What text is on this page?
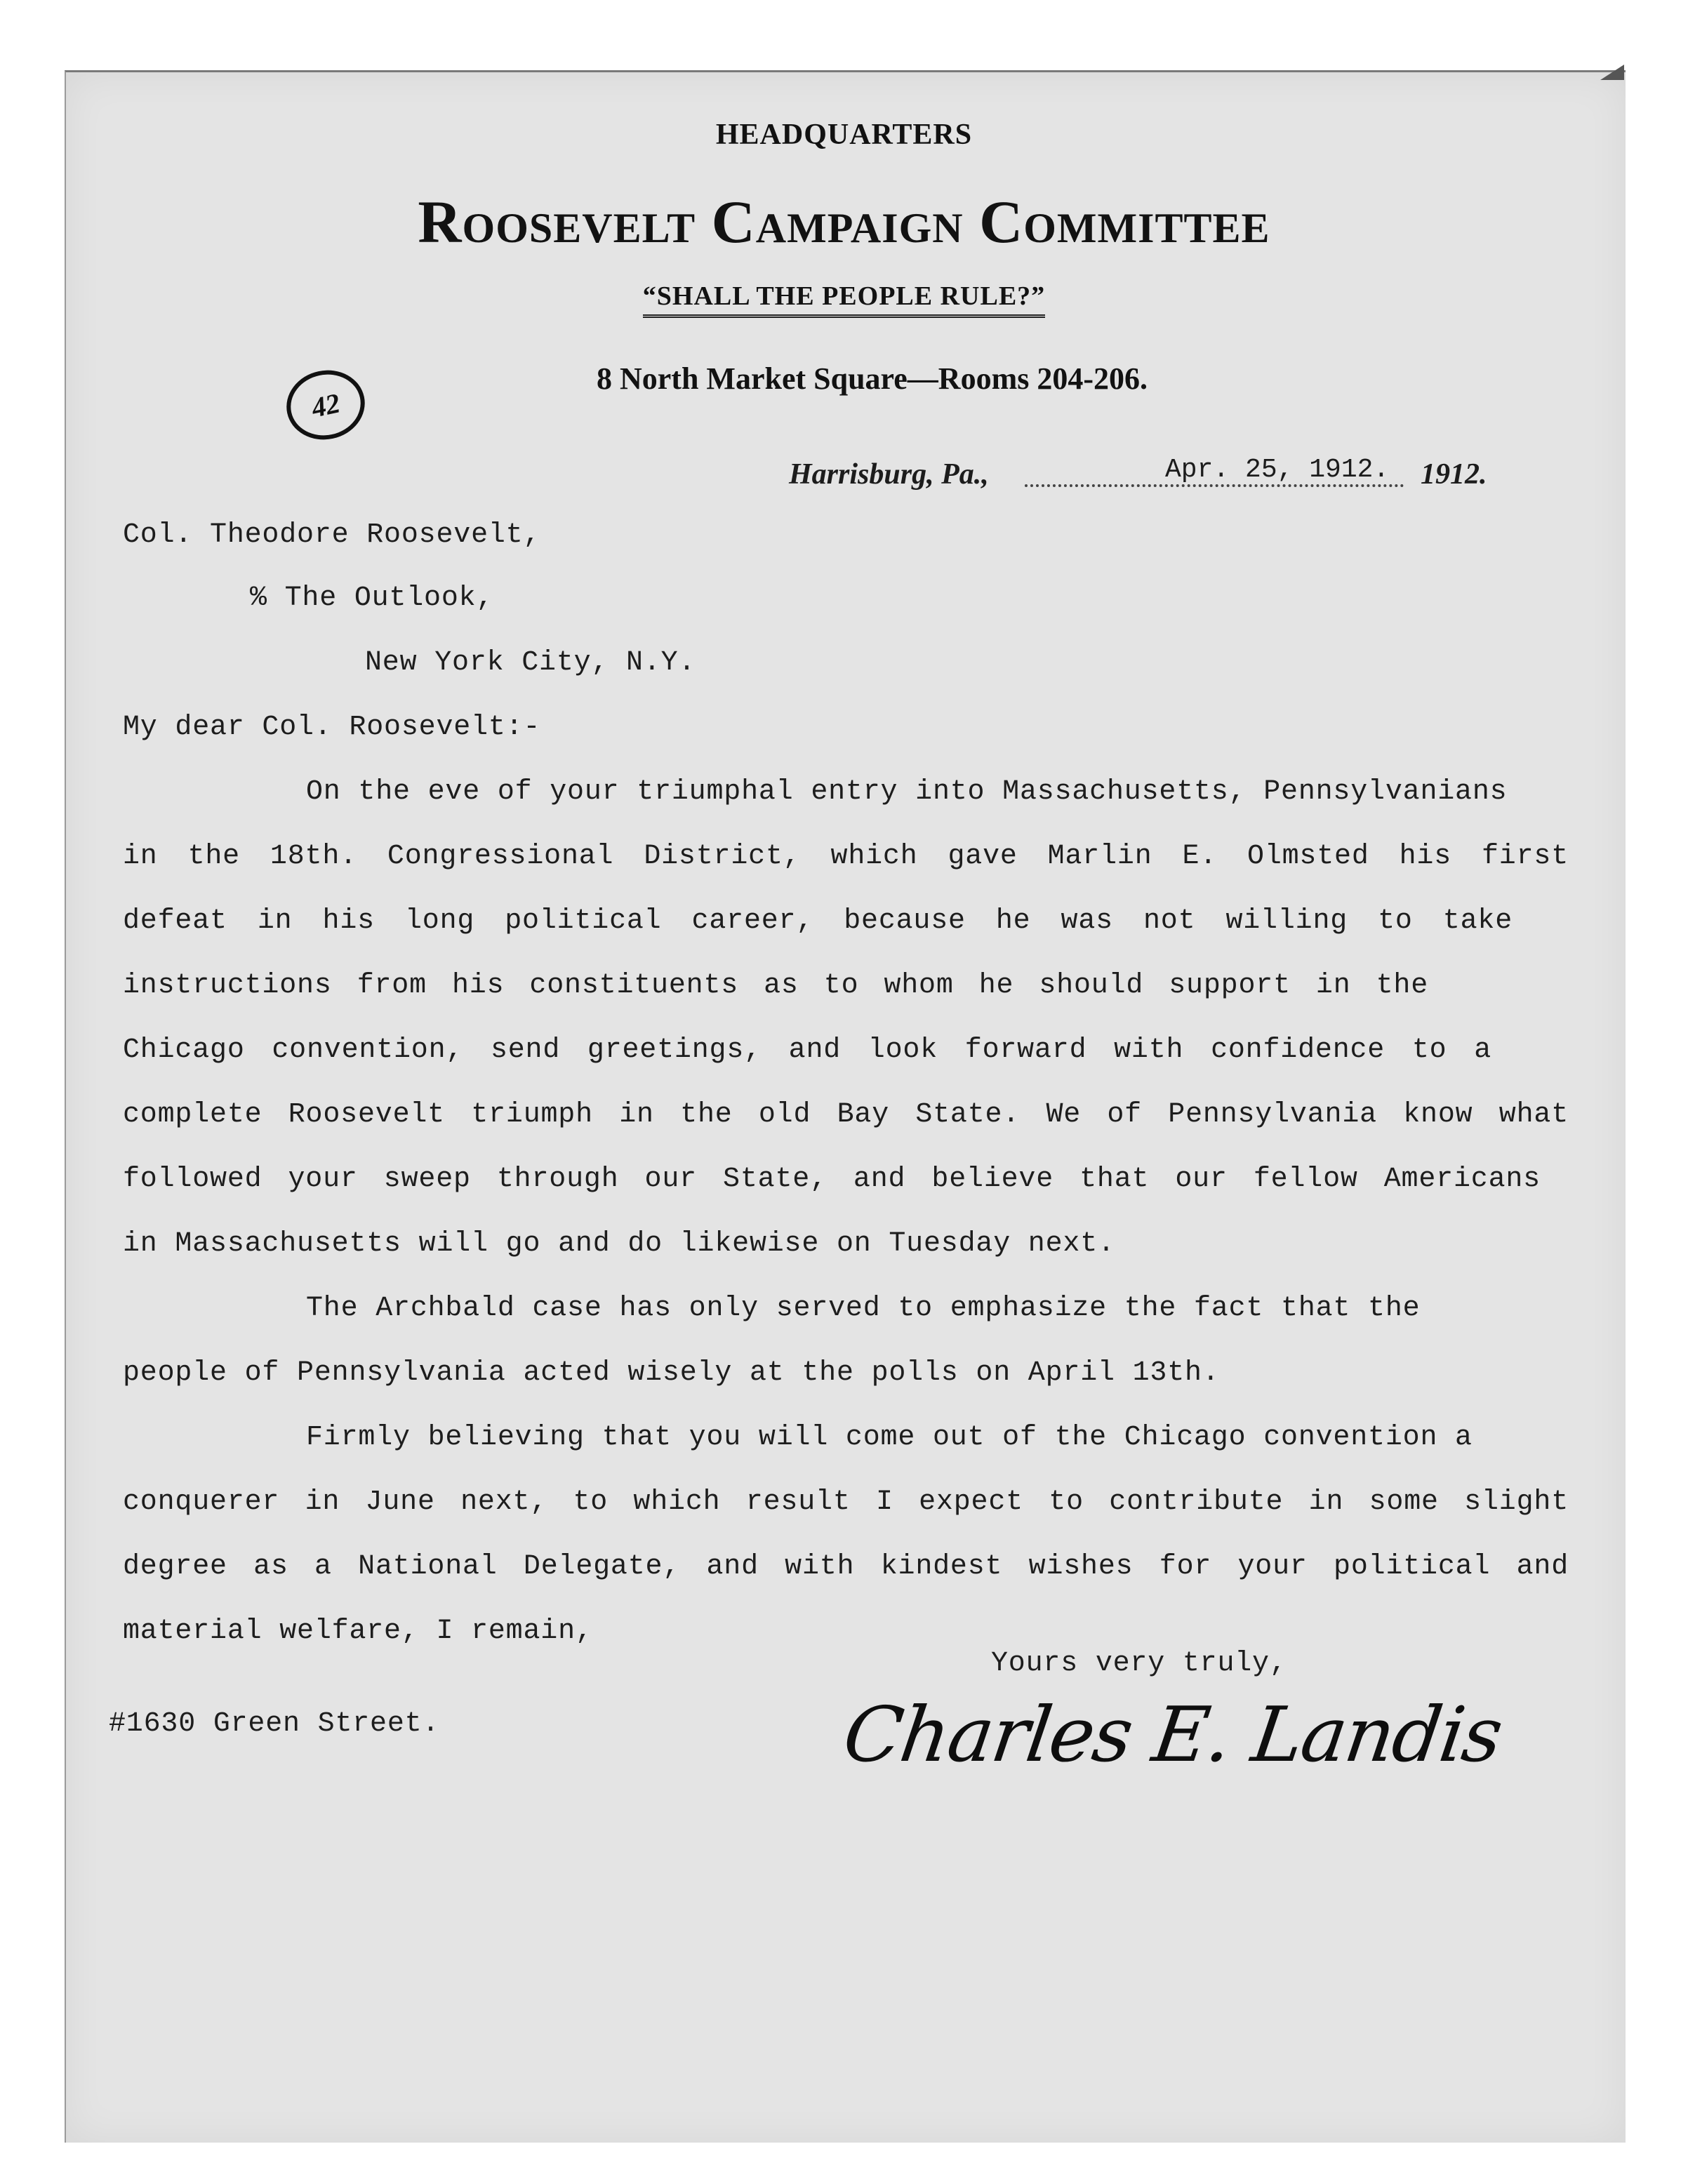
HEADQUARTERS
Roosevelt Campaign Committee
“SHALL THE PEOPLE RULE?”
8 North Market Square—Rooms 204-206.
42
Harrisburg, Pa.,	Apr. 25, 1912. 1912.
Col. Theodore Roosevelt,
% The Outlook,
New York City, N.Y.
My dear Col. Roosevelt:-
On the eve of your triumphal entry into Massachusetts, Pennsylvanians
in the 18th. Congressional District, which gave Marlin E. Olmsted his first
defeat in his long political career, because he was not willing to take
instructions from his constituents as to whom he should support in the
Chicago convention, send greetings, and look forward with confidence to a
complete Roosevelt triumph in the old Bay State. We of Pennsylvania know what
followed your sweep through our State, and believe that our fellow Americans
in Massachusetts will go and do likewise on Tuesday next.
The Archbald case has only served to emphasize the fact that the
people of Pennsylvania acted wisely at the polls on April 13th.
Firmly believing that you will come out of the Chicago convention a
conquerer in June next, to which result I expect to contribute in some slight
degree as a National Delegate, and with kindest wishes for your political and
material welfare, I remain,
Yours very truly,
#1630 Green Street.	Charles E. Landis
